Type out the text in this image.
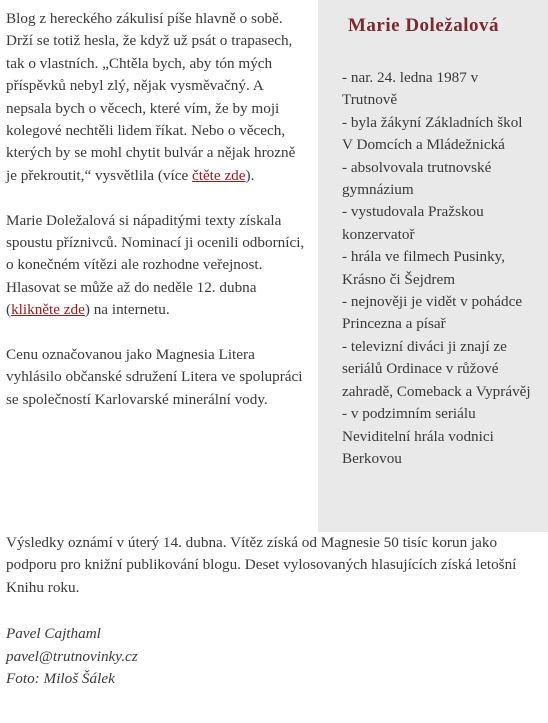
Marie Doležalová
- nar. 24. ledna 1987 v Trutnově
- byla žákyní Základních škol V Domcích a Mládežnická
- absolvovala trutnovské gymnázium
- vystudovala Pražskou konzervatoř
- hrála ve filmech Pusinky, Krásno či Šejdrem
- nejnověji je vidět v pohádce Princezna a písař
- televizní diváci ji znají ze seriálů Ordinace v růžové zahradě, Comeback a Vyprávěj
- v podzimním seriálu Neviditelní hrála vodnici Berkovou

Blog z hereckého zákulisí píše hlavně o sobě. Drží se totiž hesla, že když už psát o trapasech, tak o vlastních. „Chtěla bych, aby tón mých příspěvků nebyl zlý, nějak vysměvačný. A nepsala bych o věcech, které vím, že by moji kolegové nechtěli lidem říkat. Nebo o věcech, kterých by se mohl chytit bulvár a nějak hrozně je překroutit,“ vysvětlila (více čtěte zde).

Marie Doležalová si nápaditými texty získala spoustu příznivců. Nominací ji ocenili odborníci, o konečném vítězi ale rozhodne veřejnost. Hlasovat se může až do neděle 12. dubna (klikněte zde) na internetu.

Cenu označovanou jako Magnesia Litera vyhlásilo občanské sdružení Litera ve spolupráci se společností Karlovarské minerální vody.

Výsledky oznámí v úterý 14. dubna. Vítěz získá od Magnesie 50 tisíc korun jako podporu pro knižní publikování blogu. Deset vylosovaných hlasujících získá letošní Knihu roku.

Pavel Cajthaml
pavel@trutnovinky.cz
Foto: Miloš Šálek
